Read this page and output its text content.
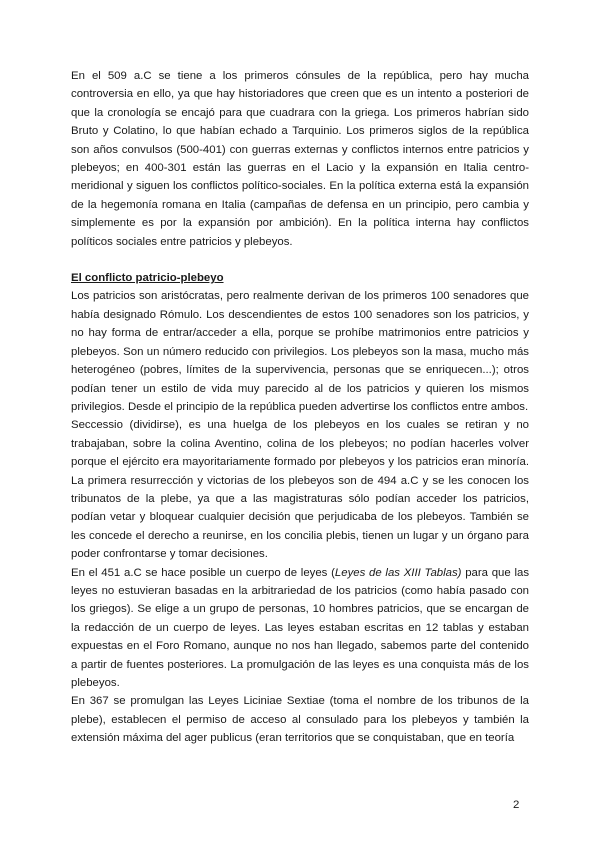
En el 509 a.C se tiene a los primeros cónsules de la república, pero hay mucha controversia en ello, ya que hay historiadores que creen que es un intento a posteriori de que la cronología se encajó para que cuadrara con la griega. Los primeros habrían sido Bruto y Colatino, lo que habían echado a Tarquinio. Los primeros siglos de la república son años convulsos (500-401) con guerras externas y conflictos internos entre patricios y plebeyos; en 400-301 están las guerras en el Lacio y la expansión en Italia centro-meridional y siguen los conflictos político-sociales. En la política externa está la expansión de la hegemonía romana en Italia (campañas de defensa en un principio, pero cambia y simplemente es por la expansión por ambición). En la política interna hay conflictos políticos sociales entre patricios y plebeyos.

El conflicto patricio-plebeyo

Los patricios son aristócratas, pero realmente derivan de los primeros 100 senadores que había designado Rómulo. Los descendientes de estos 100 senadores son los patricios, y no hay forma de entrar/acceder a ella, porque se prohíbe matrimonios entre patricios y plebeyos. Son un número reducido con privilegios. Los plebeyos son la masa, mucho más heterogéneo (pobres, límites de la supervivencia, personas que se enriquecen...); otros podían tener un estilo de vida muy parecido al de los patricios y quieren los mismos privilegios. Desde el principio de la república pueden advertirse los conflictos entre ambos.

Seccessio (dividirse), es una huelga de los plebeyos en los cuales se retiran y no trabajaban, sobre la colina Aventino, colina de los plebeyos; no podían hacerles volver porque el ejército era mayoritariamente formado por plebeyos y los patricios eran minoría. La primera resurrección y victorias de los plebeyos son de 494 a.C y se les conocen los tribunatos de la plebe, ya que a las magistraturas sólo podían acceder los patricios, podían vetar y bloquear cualquier decisión que perjudicaba de los plebeyos. También se les concede el derecho a reunirse, en los concilia plebis, tienen un lugar y un órgano para poder confrontarse y tomar decisiones.

En el 451 a.C se hace posible un cuerpo de leyes (Leyes de las XIII Tablas) para que las leyes no estuvieran basadas en la arbitrariedad de los patricios (como había pasado con los griegos). Se elige a un grupo de personas, 10 hombres patricios, que se encargan de la redacción de un cuerpo de leyes. Las leyes estaban escritas en 12 tablas y estaban expuestas en el Foro Romano, aunque no nos han llegado, sabemos parte del contenido a partir de fuentes posteriores. La promulgación de las leyes es una conquista más de los plebeyos.

En 367 se promulgan las Leyes Liciniae Sextiae (toma el nombre de los tribunos de la plebe), establecen el permiso de acceso al consulado para los plebeyos y también la extensión máxima del ager publicus (eran territorios que se conquistaban, que en teoría

2
